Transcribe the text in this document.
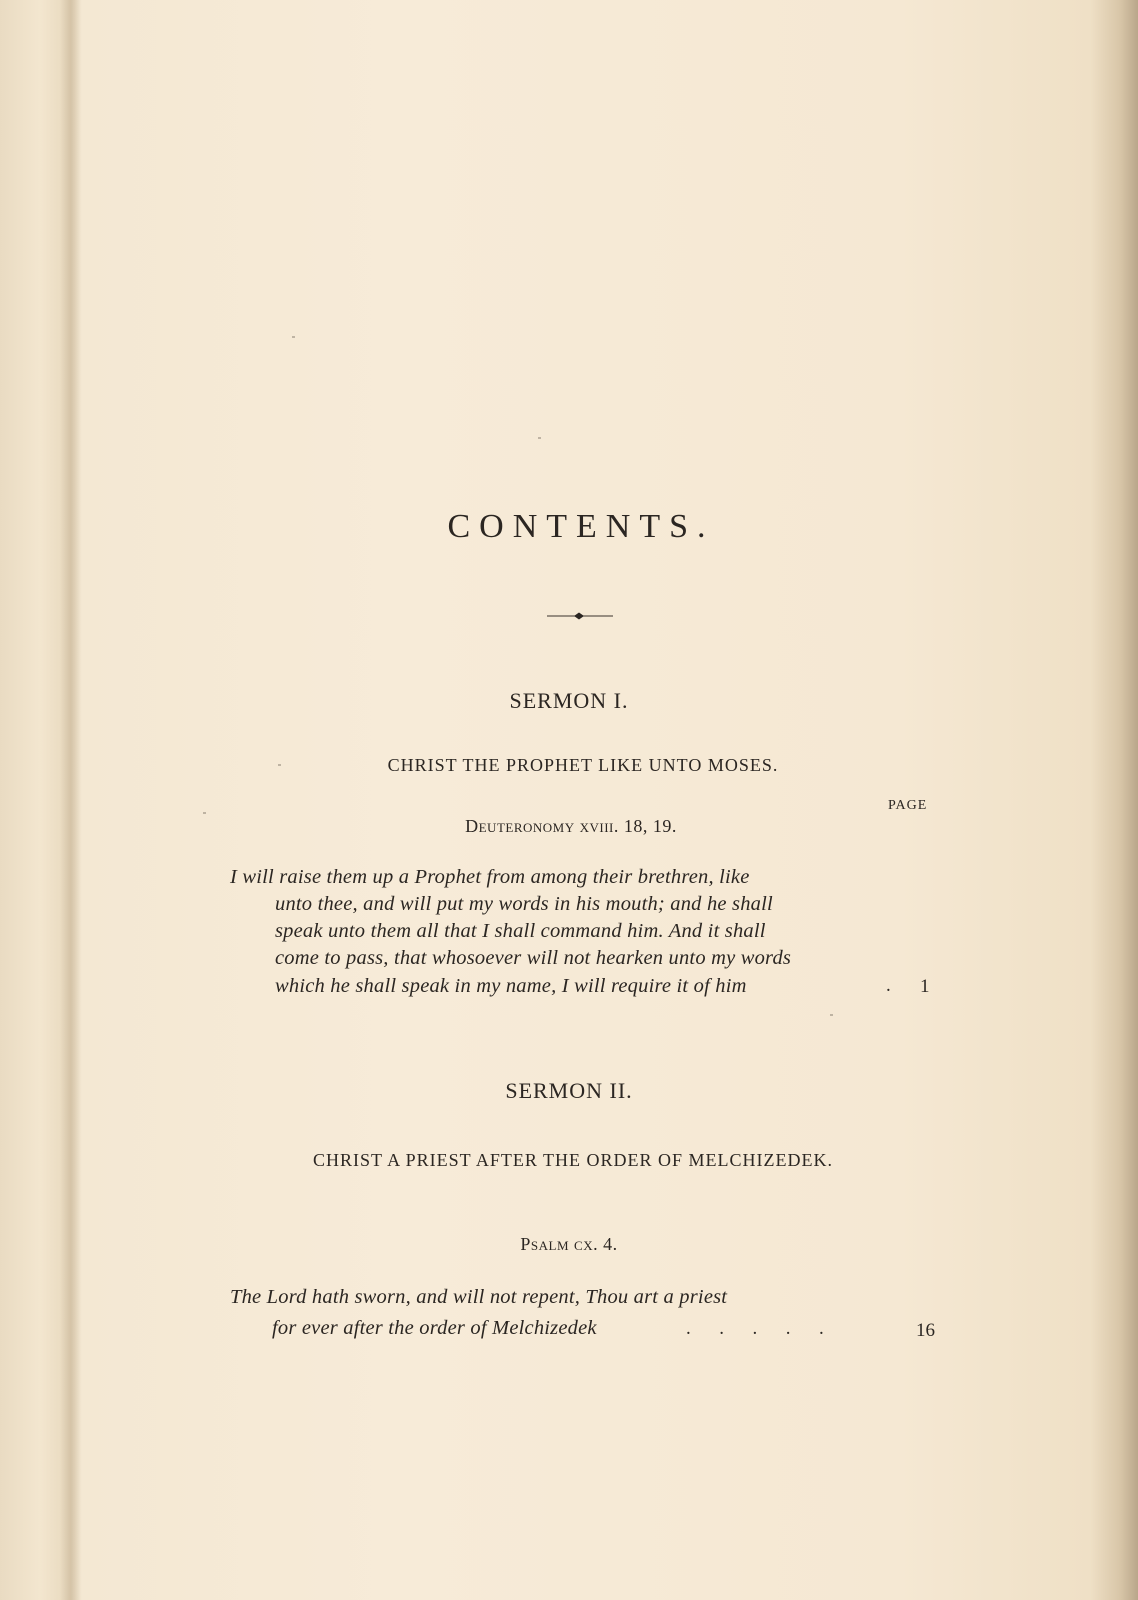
CONTENTS.
SERMON I.
CHRIST THE PROPHET LIKE UNTO MOSES.
PAGE
Deuteronomy xviii. 18, 19.
I will raise them up a Prophet from among their brethren, like
unto thee, and will put my words in his mouth; and he shall
speak unto them all that I shall command him. And it shall
come to pass, that whosoever will not hearken unto my words
which he shall speak in my name, I will require it of him	. 1
SERMON II.
CHRIST A PRIEST AFTER THE ORDER OF MELCHIZEDEK.
Psalm cx. 4.
The Lord hath sworn, and will not repent, Thou art a priest
for ever after the order of Melchizedek	.      .      .      .      .	16
